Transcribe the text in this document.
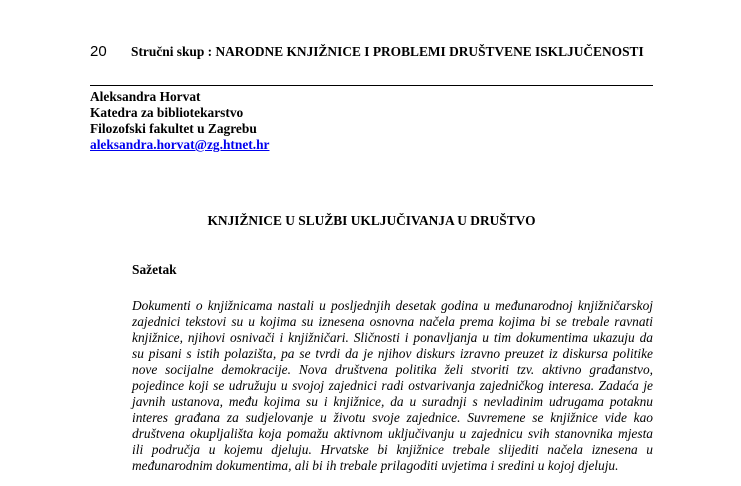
20 Stručni skup : NARODNE KNJIŽNICE I PROBLEMI DRUŠTVENE ISKLJUČENOSTI
Aleksandra Horvat
Katedra za bibliotekarstvo
Filozofski fakultet u Zagrebu
aleksandra.horvat@zg.htnet.hr
KNJIŽNICE U SLUŽBI UKLJUČIVANJA U DRUŠTVO
Sažetak
Dokumenti o knjižnicama nastali u posljednjih desetak godina u međunarodnoj knjižničarskoj
zajednici tekstovi su u kojima su iznesena osnovna načela prema kojima bi se trebale ravnati
knjižnice, njihovi osnivači i knjižničari. Sličnosti i ponavljanja u tim dokumentima ukazuju da
su pisani s istih polazišta, pa se tvrdi da je njihov diskurs izravno preuzet iz diskursa politike
nove socijalne demokracije. Nova društvena politika želi stvoriti tzv. aktivno građanstvo,
pojedince koji se udružuju u svojoj zajednici radi ostvarivanja zajedničkog interesa. Zadaća je
javnih ustanova, među kojima su i knjižnice, da u suradnji s nevladinim udrugama potaknu
interes građana za sudjelovanje u životu svoje zajednice. Suvremene se knjižnice vide kao
društvena okupljališta koja pomažu aktivnom uključivanju u zajednicu svih stanovnika mjesta
ili područja u kojemu djeluju. Hrvatske bi knjižnice trebale slijediti načela iznesena u
međunarodnim dokumentima, ali bi ih trebale prilagoditi uvjetima i sredini u kojoj djeluju.
